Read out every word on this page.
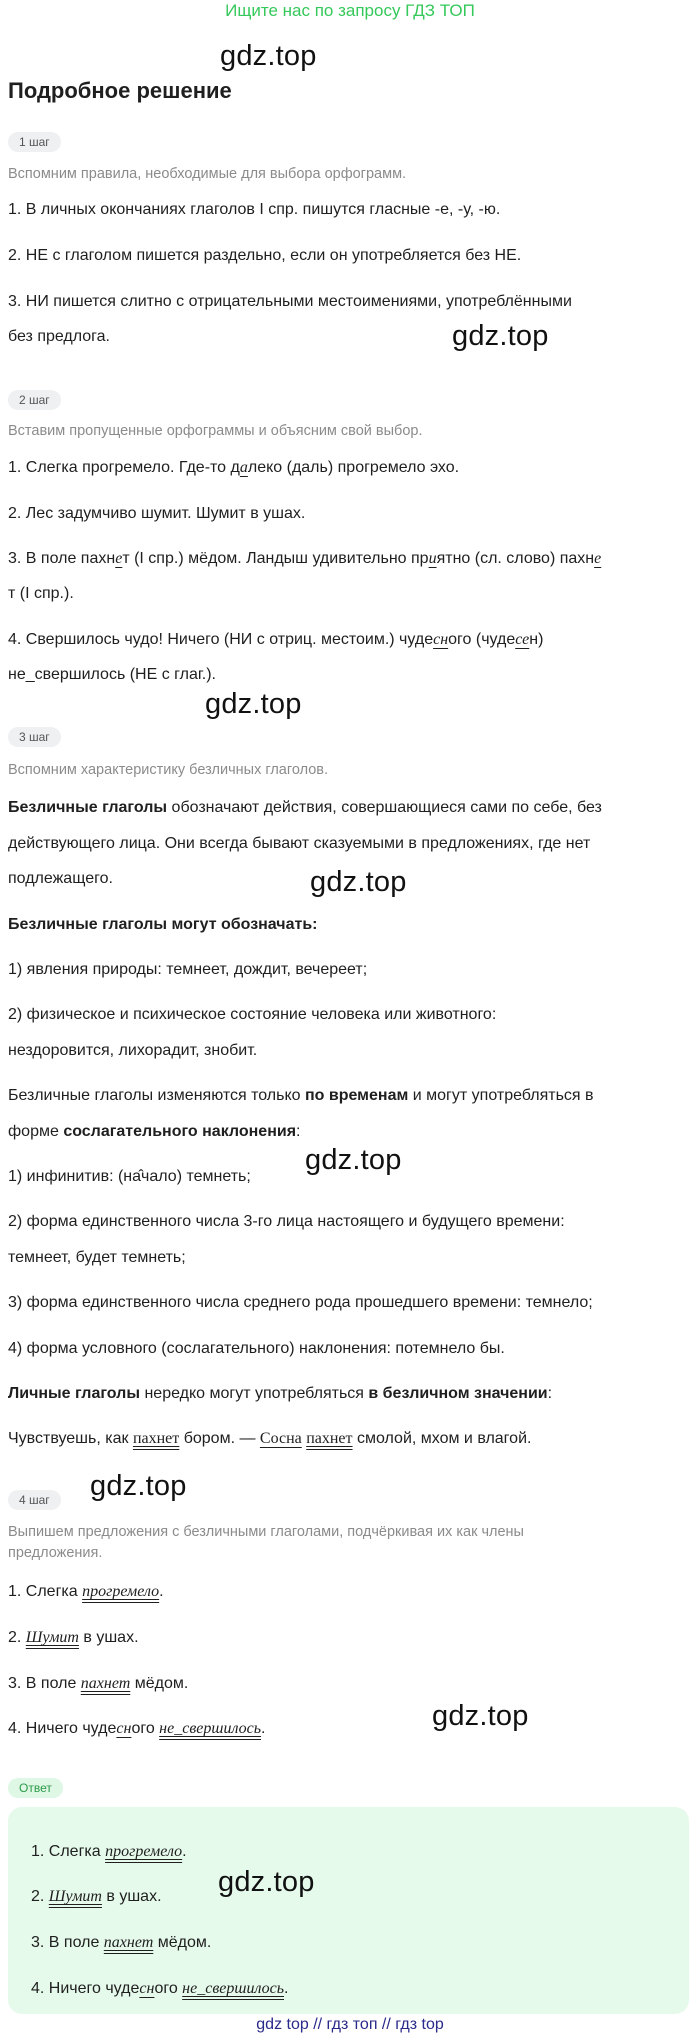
Ищите нас по запросу ГДЗ ТОП
gdz.top
Подробное решение
1 шаг
Вспомним правила, необходимые для выбора орфограмм.
1. В личных окончаниях глаголов I спр. пишутся гласные -е, -у, -ю.
2. НЕ с глаголом пишется раздельно, если он употребляется без НЕ.
3. НИ пишется слитно с отрицательными местоимениями, употреблёнными
без предлога.	gdz.top
2 шаг
Вставим пропущенные орфограммы и объясним свой выбор.
1. Слегка прогремело. Где-то далеко (даль) прогремело эхо.
2. Лес задумчиво шумит. Шумит в ушах.
3. В поле пахнет (I спр.) мёдом. Ландыш удивительно приятно (сл. слово) пахне
т (I спр.).
4. Свершилось чудо! Ничего (НИ с отриц. местоим.) чудесного (чудесен)
не_свершилось (НЕ с глаг.).
gdz.top
3 шаг
Вспомним характеристику безличных глаголов.
Безличные глаголы обозначают действия, совершающиеся сами по себе, без
действующего лица. Они всегда бывают сказуемыми в предложениях, где нет
подлежащего.	gdz.top
Безличные глаголы могут обозначать:
1) явления природы: темнеет, дождит, вечереет;
2) физическое и психическое состояние человека или животного:
нездоровится, лихорадит, знобит.
Безличные глаголы изменяются только по временам и могут употребляться в
форме сослагательного наклонения:
1) инфинитив: (на̂чало) темнеть;
gdz.top
2) форма единственного числа 3-го лица настоящего и будущего времени:
темнеет, будет темнеть;
3) форма единственного числа среднего рода прошедшего времени: темнело;
4) форма условного (сослагательного) наклонения: потемнело бы.
Личные глаголы нередко могут употребляться в безличном значении:
Чувствуешь, как пахнет бором. — Сосна пахнет смолой, мхом и влагой.
4 шаг	gdz.top
Выпишем предложения с безличными глаголами, подчёркивая их как члены
предложения.
1. Слегка прогремело.
2. Шумит в ушах.
3. В поле пахнет мёдом.
4. Ничего чудесного не_свершилось.	gdz.top
Ответ
1. Слегка прогремело.
2. Шумит в ушах.	gdz.top
3. В поле пахнет мёдом.
4. Ничего чудесного не_свершилось.
gdz top // гдз топ // гдз top
